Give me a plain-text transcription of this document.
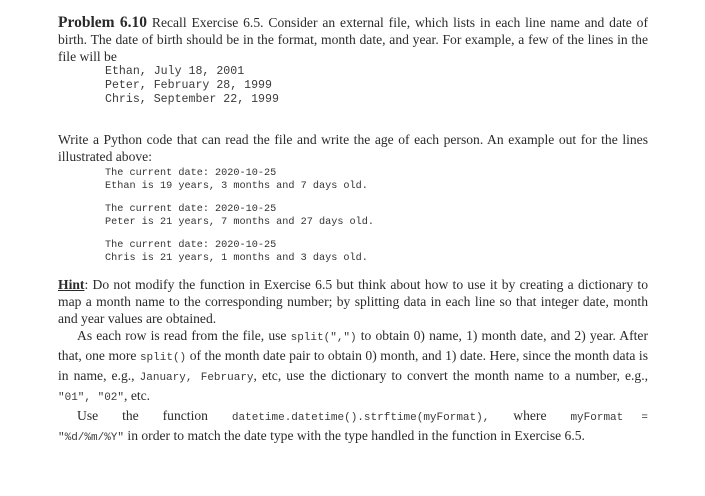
Problem 6.10 Recall Exercise 6.5. Consider an external file, which lists in each line name and date of birth. The date of birth should be in the format, month date, and year. For example, a few of the lines in the file will be

Ethan, July 18, 2001
Peter, February 28, 1999
Chris, September 22, 1999

Write a Python code that can read the file and write the age of each person. An example out for the lines illustrated above:

The current date: 2020-10-25
Ethan is 19 years, 3 months and 7 days old.
The current date: 2020-10-25
Peter is 21 years, 7 months and 27 days old.
The current date: 2020-10-25
Chris is 21 years, 1 months and 3 days old.

Hint: Do not modify the function in Exercise 6.5 but think about how to use it by creating a dictionary to map a month name to the corresponding number; by splitting data in each line so that integer date, month and year values are obtained.

As each row is read from the file, use split(",") to obtain 0) name, 1) month date, and 2) year. After that, one more split() of the month date pair to obtain 0) month, and 1) date. Here, since the month data is in name, e.g., January, February, etc, use the dictionary to convert the month name to a number, e.g., "01", "02", etc.

Use the function datetime.datetime().strftime(myFormat), where myFormat = "%d/%m/%Y" in order to match the date type with the type handled in the function in Exercise 6.5.
